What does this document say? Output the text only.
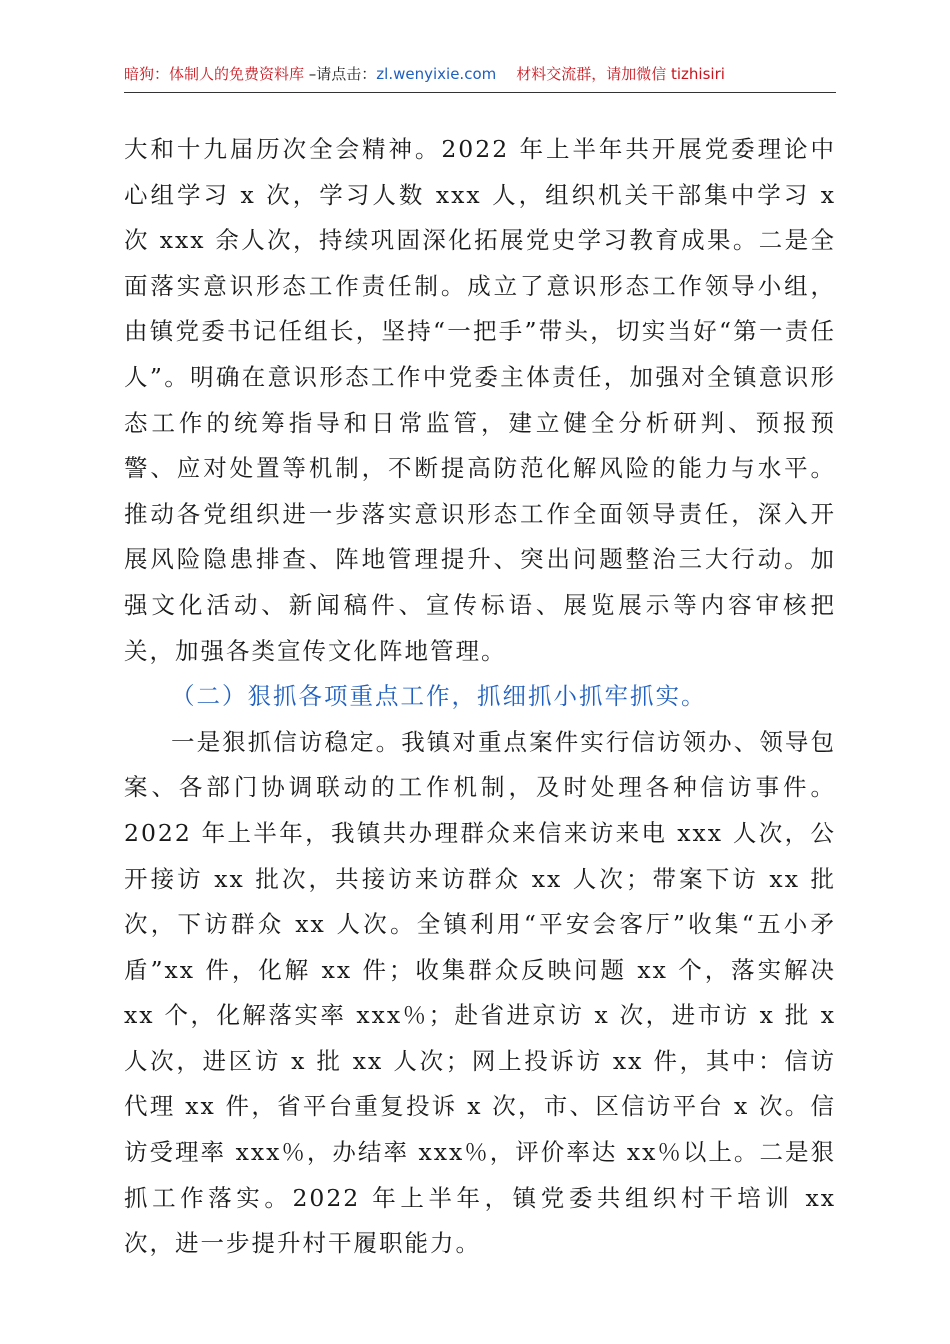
暗狗：体制人的免费资料库 –请点击：zl.wenyixie.com 材料交流群，请加微信 tizhisiri

大和十九届历次全会精神。2022 年上半年共开展党委理论中心组学习 x 次，学习人数 xxx 人，组织机关干部集中学习 x 次 xxx 余人次，持续巩固深化拓展党史学习教育成果。二是全面落实意识形态工作责任制。成立了意识形态工作领导小组，由镇党委书记任组长，坚持“一把手”带头，切实当好“第一责任人”。明确在意识形态工作中党委主体责任，加强对全镇意识形态工作的统筹指导和日常监管，建立健全分析研判、预报预警、应对处置等机制，不断提高防范化解风险的能力与水平。推动各党组织进一步落实意识形态工作全面领导责任，深入开展风险隐患排查、阵地管理提升、突出问题整治三大行动。加强文化活动、新闻稿件、宣传标语、展览展示等内容审核把关，加强各类宣传文化阵地管理。

（二）狠抓各项重点工作，抓细抓小抓牢抓实。

一是狠抓信访稳定。我镇对重点案件实行信访领办、领导包案、各部门协调联动的工作机制，及时处理各种信访事件。2022 年上半年，我镇共办理群众来信来访来电 xxx 人次，公开接访 xx 批次，共接访来访群众 xx 人次；带案下访 xx 批次，下访群众 xx 人次。全镇利用“平安会客厅”收集“五小矛盾”xx 件，化解 xx 件；收集群众反映问题 xx 个，落实解决 xx 个，化解落实率 xxx％；赴省进京访 x 次，进市访 x 批 x 人次，进区访 x 批 xx 人次；网上投诉访 xx 件，其中：信访代理 xx 件，省平台重复投诉 x 次，市、区信访平台 x 次。信访受理率 xxx％，办结率 xxx％，评价率达 xx％以上。二是狠抓工作落实。2022 年上半年，镇党委共组织村干培训 xx 次，进一步提升村干履职能力。
